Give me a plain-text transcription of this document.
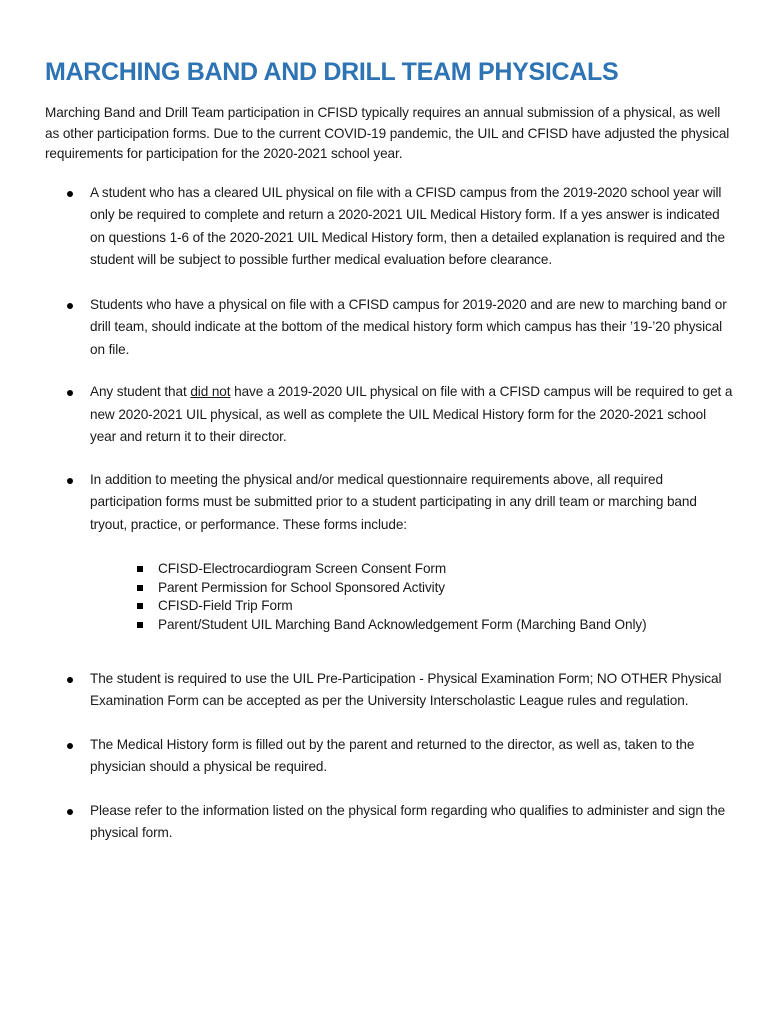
MARCHING BAND AND DRILL TEAM PHYSICALS

Marching Band and Drill Team participation in CFISD typically requires an annual submission of a physical, as well as other participation forms. Due to the current COVID-19 pandemic, the UIL and CFISD have adjusted the physical requirements for participation for the 2020-2021 school year.

A student who has a cleared UIL physical on file with a CFISD campus from the 2019-2020 school year will only be required to complete and return a 2020-2021 UIL Medical History form. If a yes answer is indicated on questions 1-6 of the 2020-2021 UIL Medical History form, then a detailed explanation is required and the student will be subject to possible further medical evaluation before clearance.
Students who have a physical on file with a CFISD campus for 2019-2020 and are new to marching band or drill team, should indicate at the bottom of the medical history form which campus has their ’19-’20 physical on file.
Any student that did not have a 2019-2020 UIL physical on file with a CFISD campus will be required to get a new 2020-2021 UIL physical, as well as complete the UIL Medical History form for the 2020-2021 school year and return it to their director.
In addition to meeting the physical and/or medical questionnaire requirements above, all required participation forms must be submitted prior to a student participating in any drill team or marching band tryout, practice, or performance. These forms include:
CFISD-Electrocardiogram Screen Consent Form
Parent Permission for School Sponsored Activity
CFISD-Field Trip Form
Parent/Student UIL Marching Band Acknowledgement Form (Marching Band Only)
The student is required to use the UIL Pre-Participation - Physical Examination Form; NO OTHER Physical Examination Form can be accepted as per the University Interscholastic League rules and regulation.
The Medical History form is filled out by the parent and returned to the director, as well as, taken to the physician should a physical be required.
Please refer to the information listed on the physical form regarding who qualifies to administer and sign the physical form.
